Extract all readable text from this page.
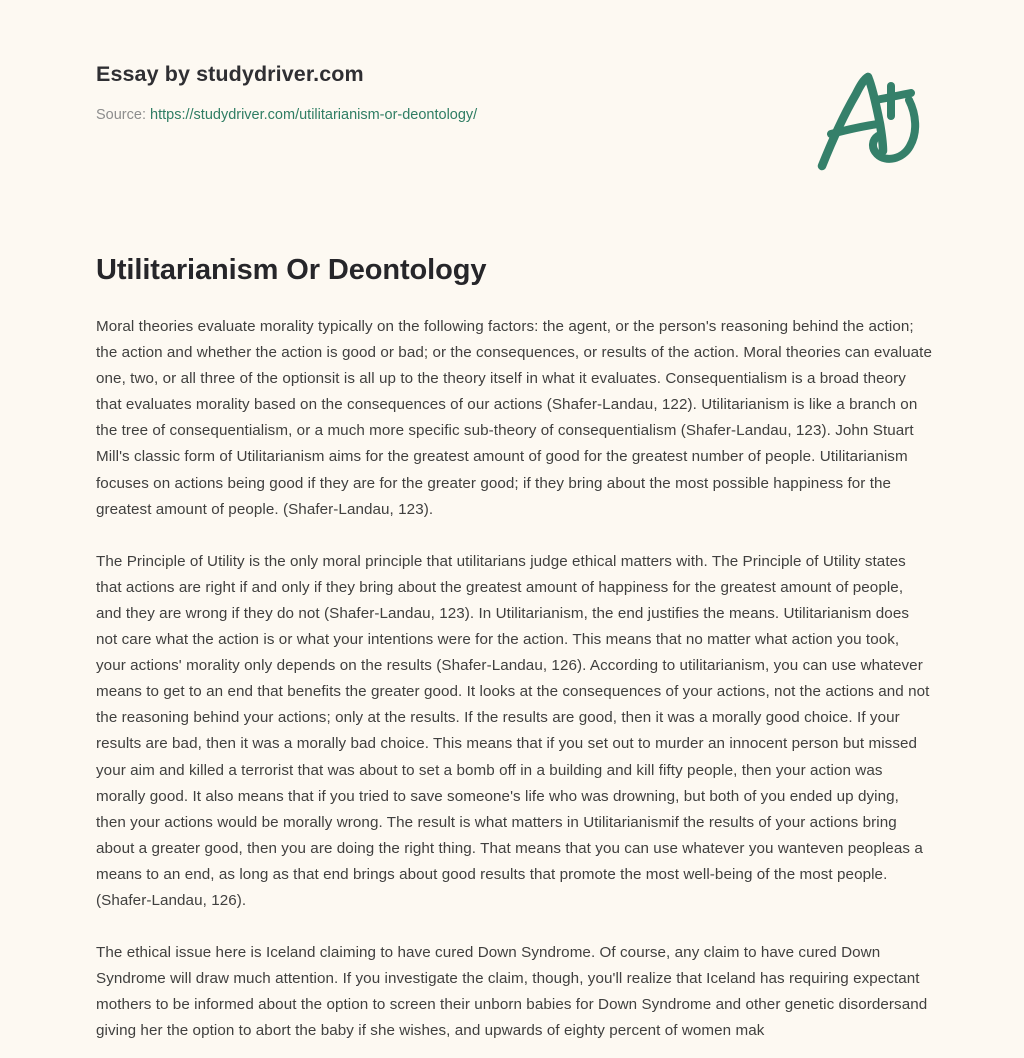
Essay by studydriver.com
Source: https://studydriver.com/utilitarianism-or-deontology/
Utilitarianism Or Deontology

Moral theories evaluate morality typically on the following factors: the agent, or the person's reasoning behind the action; the action and whether the action is good or bad; or the consequences, or results of the action. Moral theories can evaluate one, two, or all three of the optionsit is all up to the theory itself in what it evaluates. Consequentialism is a broad theory that evaluates morality based on the consequences of our actions (Shafer-Landau, 122). Utilitarianism is like a branch on the tree of consequentialism, or a much more specific sub-theory of consequentialism (Shafer-Landau, 123). John Stuart Mill's classic form of Utilitarianism aims for the greatest amount of good for the greatest number of people. Utilitarianism focuses on actions being good if they are for the greater good; if they bring about the most possible happiness for the greatest amount of people. (Shafer-Landau, 123).

The Principle of Utility is the only moral principle that utilitarians judge ethical matters with. The Principle of Utility states that actions are right if and only if they bring about the greatest amount of happiness for the greatest amount of people, and they are wrong if they do not (Shafer-Landau, 123). In Utilitarianism, the end justifies the means. Utilitarianism does not care what the action is or what your intentions were for the action. This means that no matter what action you took, your actions' morality only depends on the results (Shafer-Landau, 126). According to utilitarianism, you can use whatever means to get to an end that benefits the greater good. It looks at the consequences of your actions, not the actions and not the reasoning behind your actions; only at the results. If the results are good, then it was a morally good choice. If your results are bad, then it was a morally bad choice. This means that if you set out to murder an innocent person but missed your aim and killed a terrorist that was about to set a bomb off in a building and kill fifty people, then your action was morally good. It also means that if you tried to save someone's life who was drowning, but both of you ended up dying, then your actions would be morally wrong. The result is what matters in Utilitarianismif the results of your actions bring about a greater good, then you are doing the right thing. That means that you can use whatever you wanteven peopleas a means to an end, as long as that end brings about good results that promote the most well-being of the most people. (Shafer-Landau, 126).

The ethical issue here is Iceland claiming to have cured Down Syndrome. Of course, any claim to have cured Down Syndrome will draw much attention. If you investigate the claim, though, you'll realize that Iceland has requiring expectant mothers to be informed about the option to screen their unborn babies for Down Syndrome and other genetic disordersand giving her the option to abort the baby if she wishes, and upwards of eighty percent of women mak
